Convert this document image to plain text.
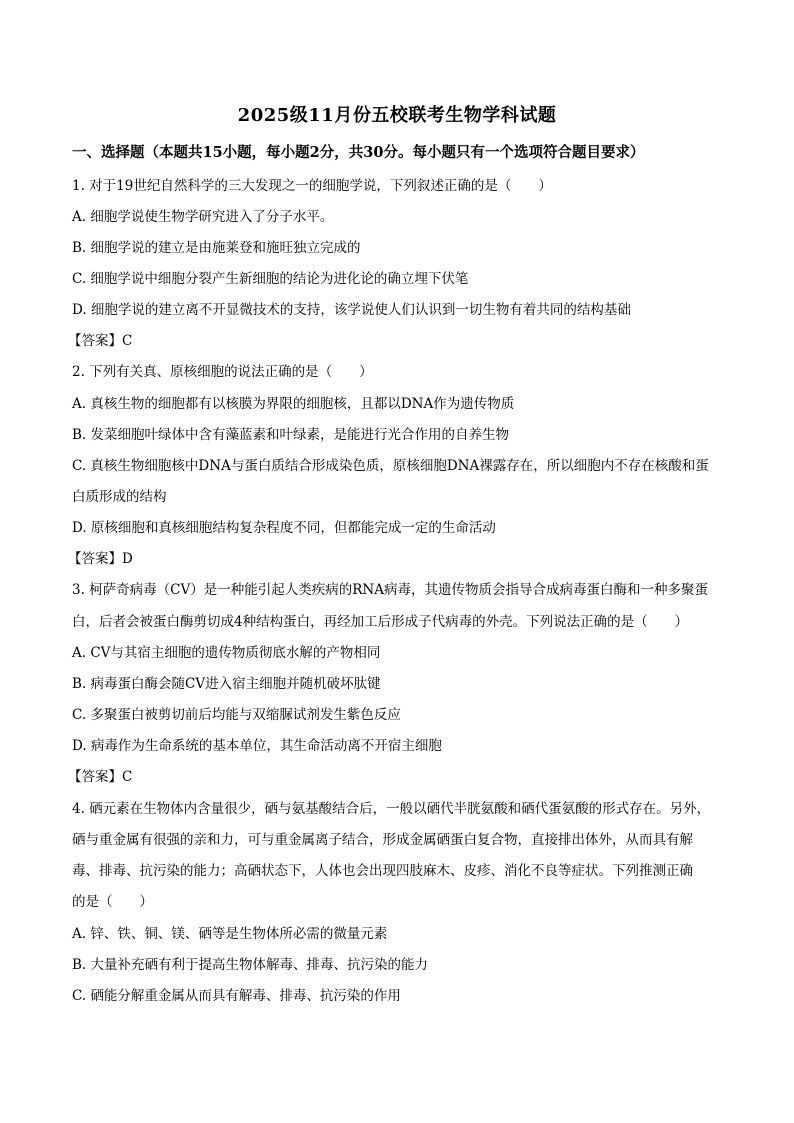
2025级11月份五校联考生物学科试题
一、选择题（本题共15小题，每小题2分，共30分。每小题只有一个选项符合题目要求）
1. 对于19世纪自然科学的三大发现之一的细胞学说，下列叙述正确的是（　　）
A. 细胞学说使生物学研究进入了分子水平。
B. 细胞学说的建立是由施莱登和施旺独立完成的
C. 细胞学说中细胞分裂产生新细胞的结论为进化论的确立埋下伏笔
D. 细胞学说的建立离不开显微技术的支持，该学说使人们认识到一切生物有着共同的结构基础
【答案】C
2. 下列有关真、原核细胞的说法正确的是（　　）
A. 真核生物的细胞都有以核膜为界限的细胞核，且都以DNA作为遗传物质
B. 发菜细胞叶绿体中含有藻蓝素和叶绿素，是能进行光合作用的自养生物
C. 真核生物细胞核中DNA与蛋白质结合形成染色质，原核细胞DNA裸露存在，所以细胞内不存在核酸和蛋
白质形成的结构
D. 原核细胞和真核细胞结构复杂程度不同，但都能完成一定的生命活动
【答案】D
3. 柯萨奇病毒（CV）是一种能引起人类疾病的RNA病毒，其遗传物质会指导合成病毒蛋白酶和一种多聚蛋
白，后者会被蛋白酶剪切成4种结构蛋白，再经加工后形成子代病毒的外壳。下列说法正确的是（　　）
A. CV与其宿主细胞的遗传物质彻底水解的产物相同
B. 病毒蛋白酶会随CV进入宿主细胞并随机破坏肽键
C. 多聚蛋白被剪切前后均能与双缩脲试剂发生紫色反应
D. 病毒作为生命系统的基本单位，其生命活动离不开宿主细胞
【答案】C
4. 硒元素在生物体内含量很少，硒与氨基酸结合后，一般以硒代半胱氨酸和硒代蛋氨酸的形式存在。另外，
硒与重金属有很强的亲和力，可与重金属离子结合，形成金属硒蛋白复合物，直接排出体外，从而具有解
毒、排毒、抗污染的能力；高硒状态下，人体也会出现四肢麻木、皮疹、消化不良等症状。下列推测正确
的是（　　）
A. 锌、铁、铜、镁、硒等是生物体所必需的微量元素
B. 大量补充硒有利于提高生物体解毒、排毒、抗污染的能力
C. 硒能分解重金属从而具有解毒、排毒、抗污染的作用
